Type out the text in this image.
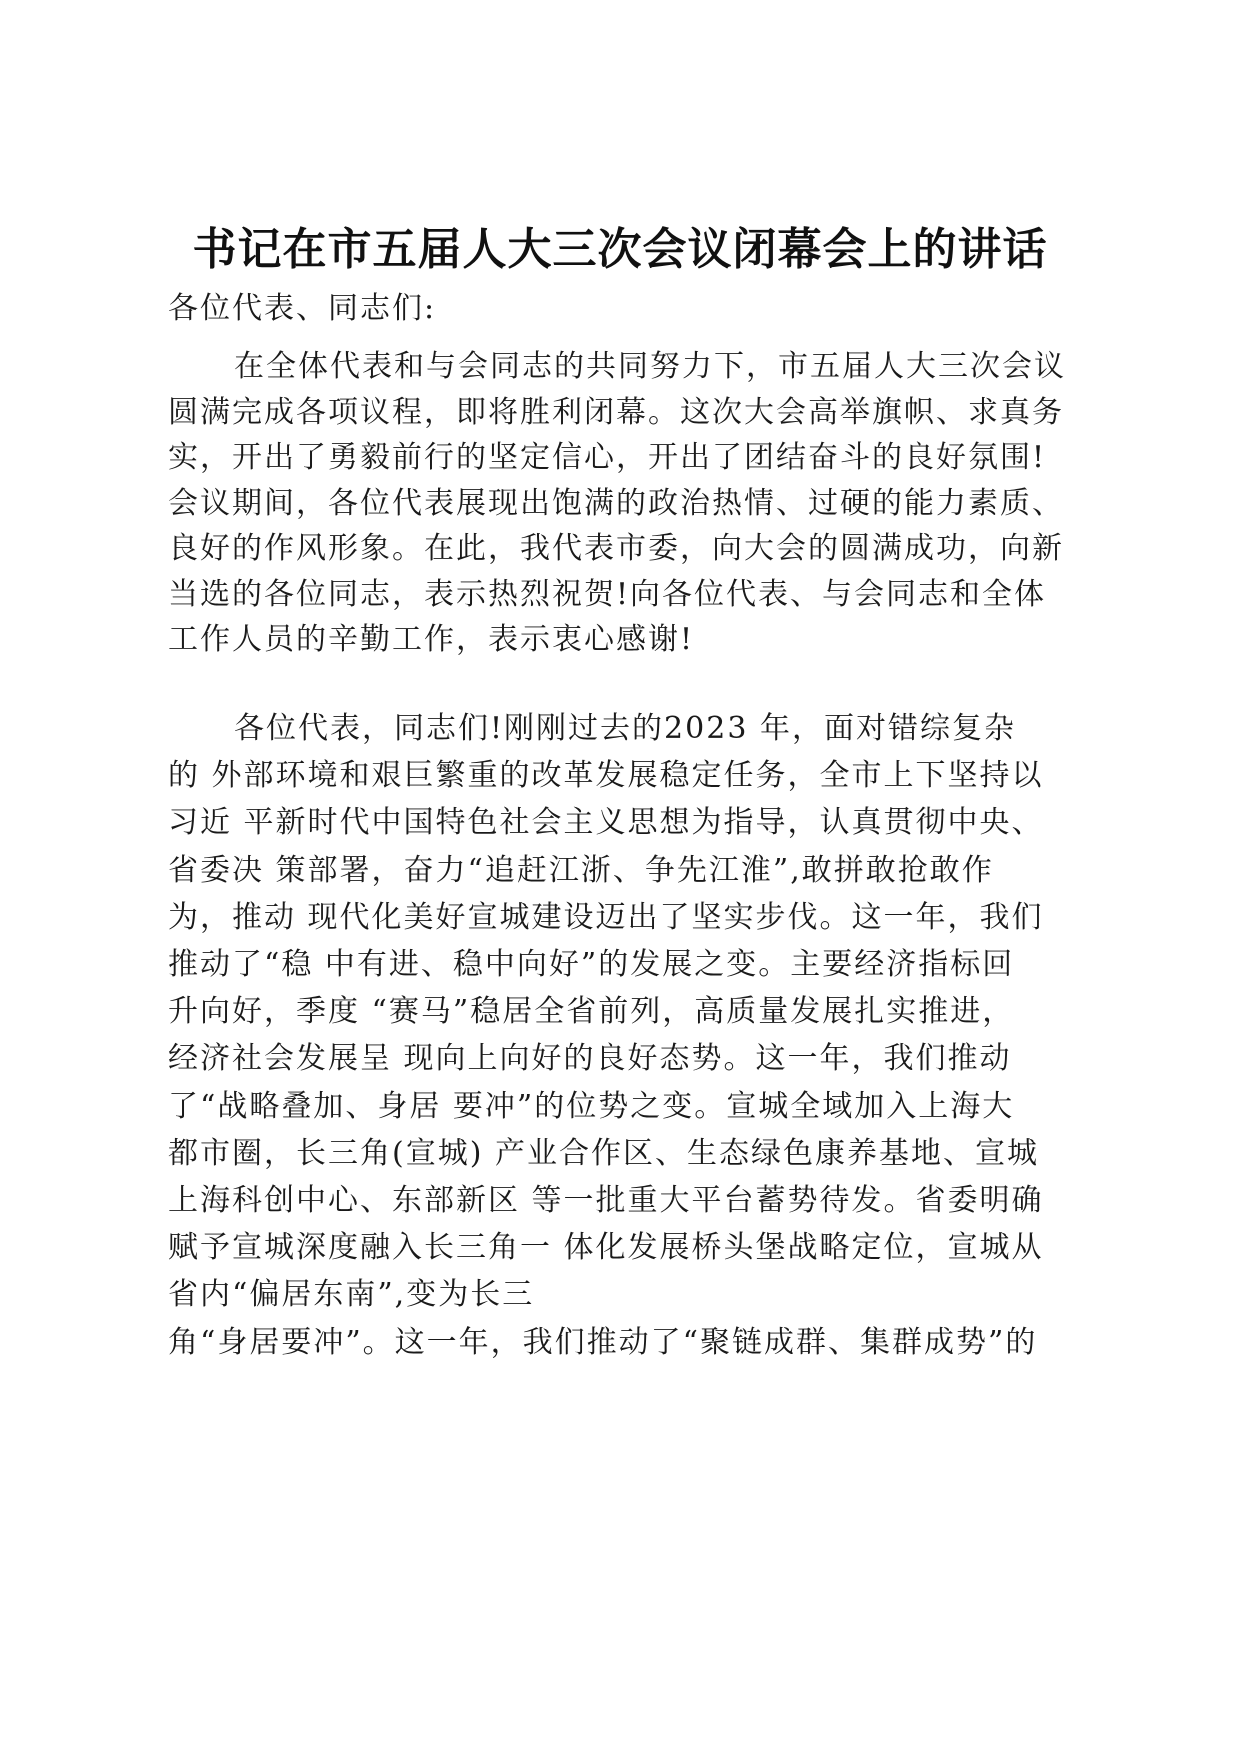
书记在市五届人大三次会议闭幕会上的讲话
各位代表、同志们:
在全体代表和与会同志的共同努力下，市五届人大三次会议
圆满完成各项议程，即将胜利闭幕。这次大会高举旗帜、求真务
实，开出了勇毅前行的坚定信心，开出了团结奋斗的良好氛围!
会议期间，各位代表展现出饱满的政治热情、过硬的能力素质、
良好的作风形象。在此，我代表市委，向大会的圆满成功，向新
当选的各位同志，表示热烈祝贺!向各位代表、与会同志和全体
工作人员的辛勤工作，表示衷心感谢!
各位代表，同志们!刚刚过去的2023 年，面对错综复杂
的 外部环境和艰巨繁重的改革发展稳定任务，全市上下坚持以
习近 平新时代中国特色社会主义思想为指导，认真贯彻中央、
省委决 策部署，奋力“追赶江浙、争先江淮”,敢拼敢抢敢作
为，推动 现代化美好宣城建设迈出了坚实步伐。这一年，我们
推动了“稳 中有进、稳中向好”的发展之变。主要经济指标回
升向好，季度 “赛马”稳居全省前列，高质量发展扎实推进，
经济社会发展呈 现向上向好的良好态势。这一年，我们推动
了“战略叠加、身居 要冲”的位势之变。宣城全域加入上海大
都市圈，长三角(宣城) 产业合作区、生态绿色康养基地、宣城
上海科创中心、东部新区 等一批重大平台蓄势待发。省委明确
赋予宣城深度融入长三角一 体化发展桥头堡战略定位，宣城从
省内“偏居东南”,变为长三
角“身居要冲”。这一年，我们推动了“聚链成群、集群成势”的
